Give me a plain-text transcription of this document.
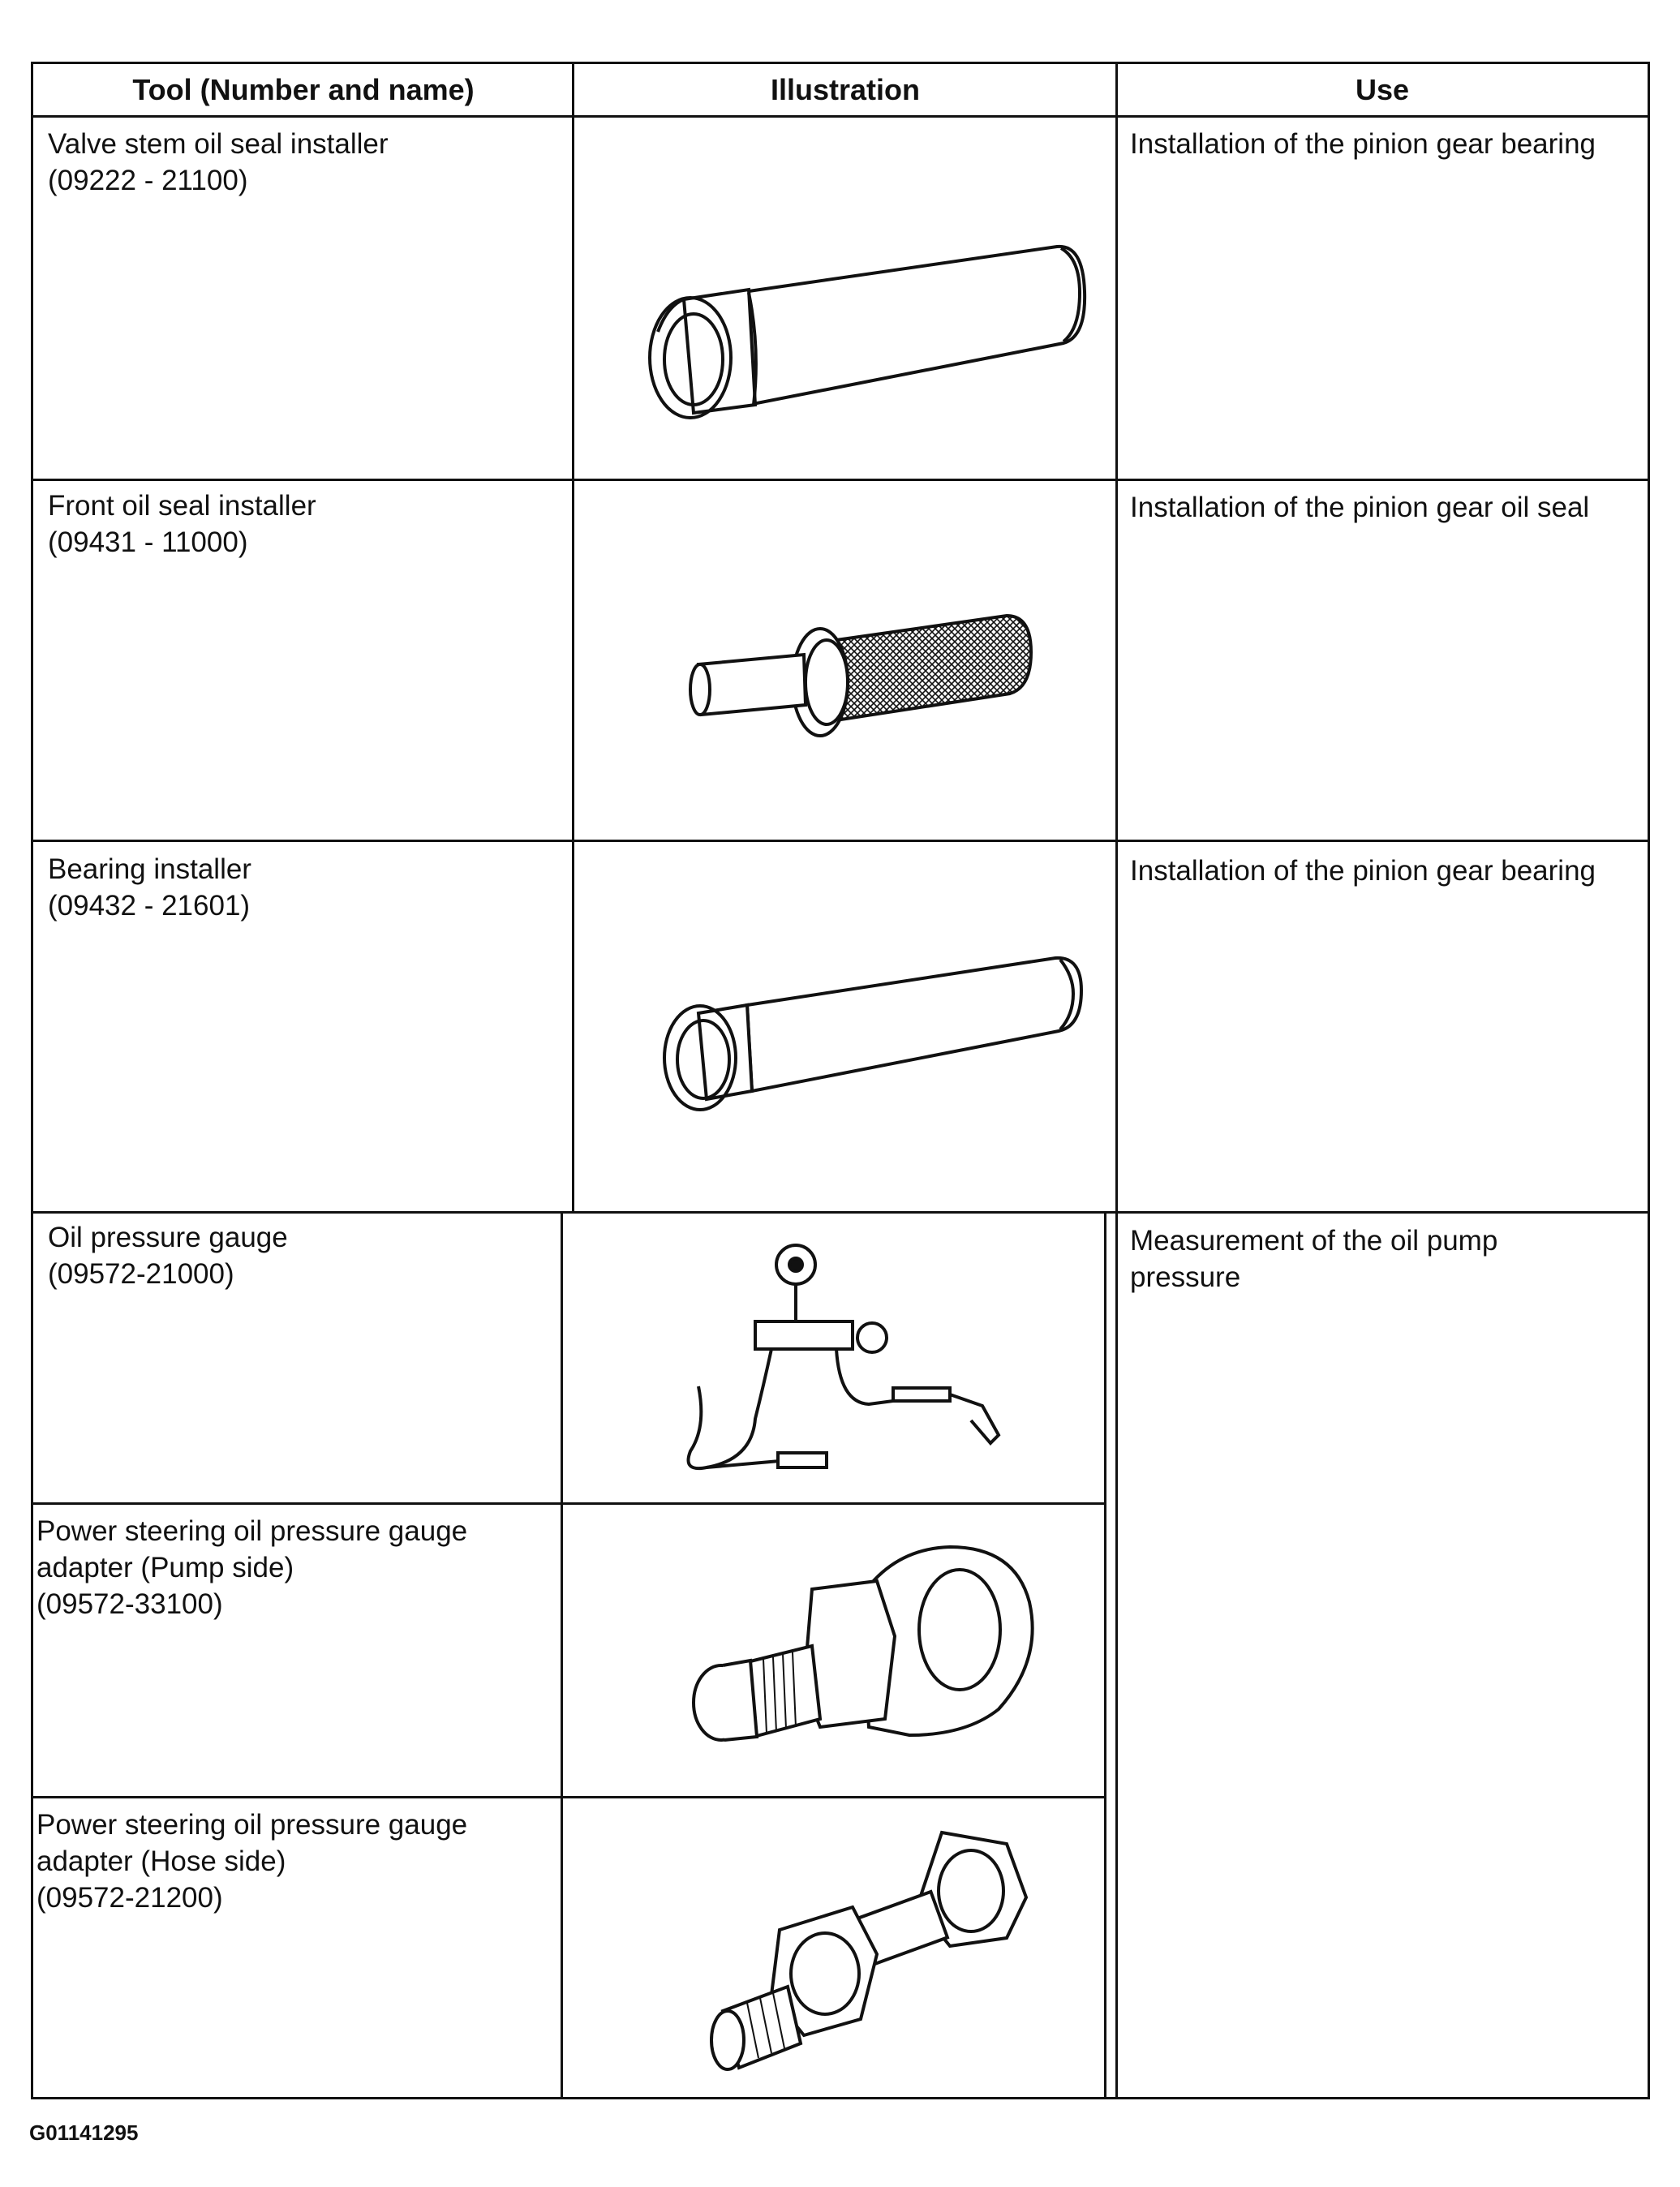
Tool (Number and name)	Illustration	Use
Valve stem oil seal installer
(09222 - 21100)
Installation of the pinion gear bearing
Front oil seal installer
(09431 - 11000)
Installation of the pinion gear oil seal
Bearing installer
(09432 - 21601)
Installation of the pinion gear bearing
Oil pressure gauge
(09572-21000)
Measurement of the oil pump
pressure
Power steering oil pressure gauge
adapter (Pump side)
(09572-33100)
Power steering oil pressure gauge
adapter (Hose side)
(09572-21200)
G01141295
